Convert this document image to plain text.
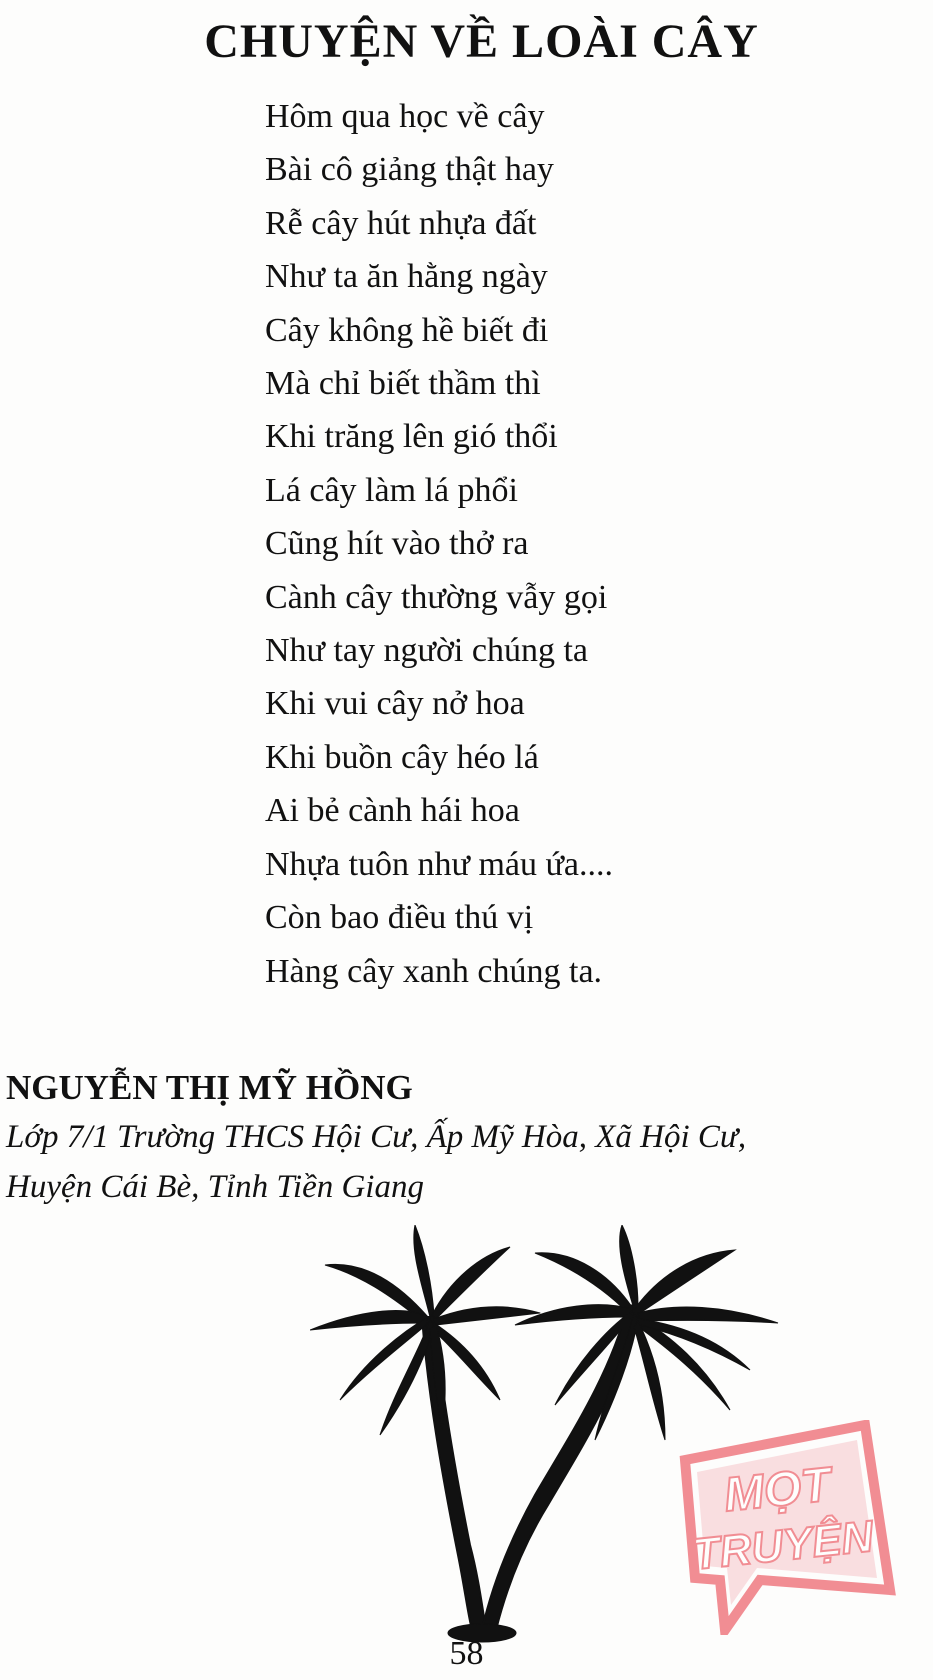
CHUYỆN VỀ LOÀI CÂY
Hôm qua học về cây
Bài cô giảng thật hay
Rễ cây hút nhựa đất
Như ta ăn hằng ngày
Cây không hề biết đi
Mà chỉ biết thầm thì
Khi trăng lên gió thổi
Lá cây làm lá phổi
Cũng hít vào thở ra
Cành cây thường vẫy gọi
Như tay người chúng ta
Khi vui cây nở hoa
Khi buồn cây héo lá
Ai bẻ cành hái hoa
Nhựa tuôn như máu ứa....
Còn bao điều thú vị
Hàng cây xanh chúng ta.
NGUYỄN THỊ MỸ HỒNG
Lớp 7/1 Trường THCS Hội Cư, Ấp Mỹ Hòa, Xã Hội Cư,
Huyện Cái Bè, Tỉnh Tiền Giang
MỌT
TRUYỆN
58
